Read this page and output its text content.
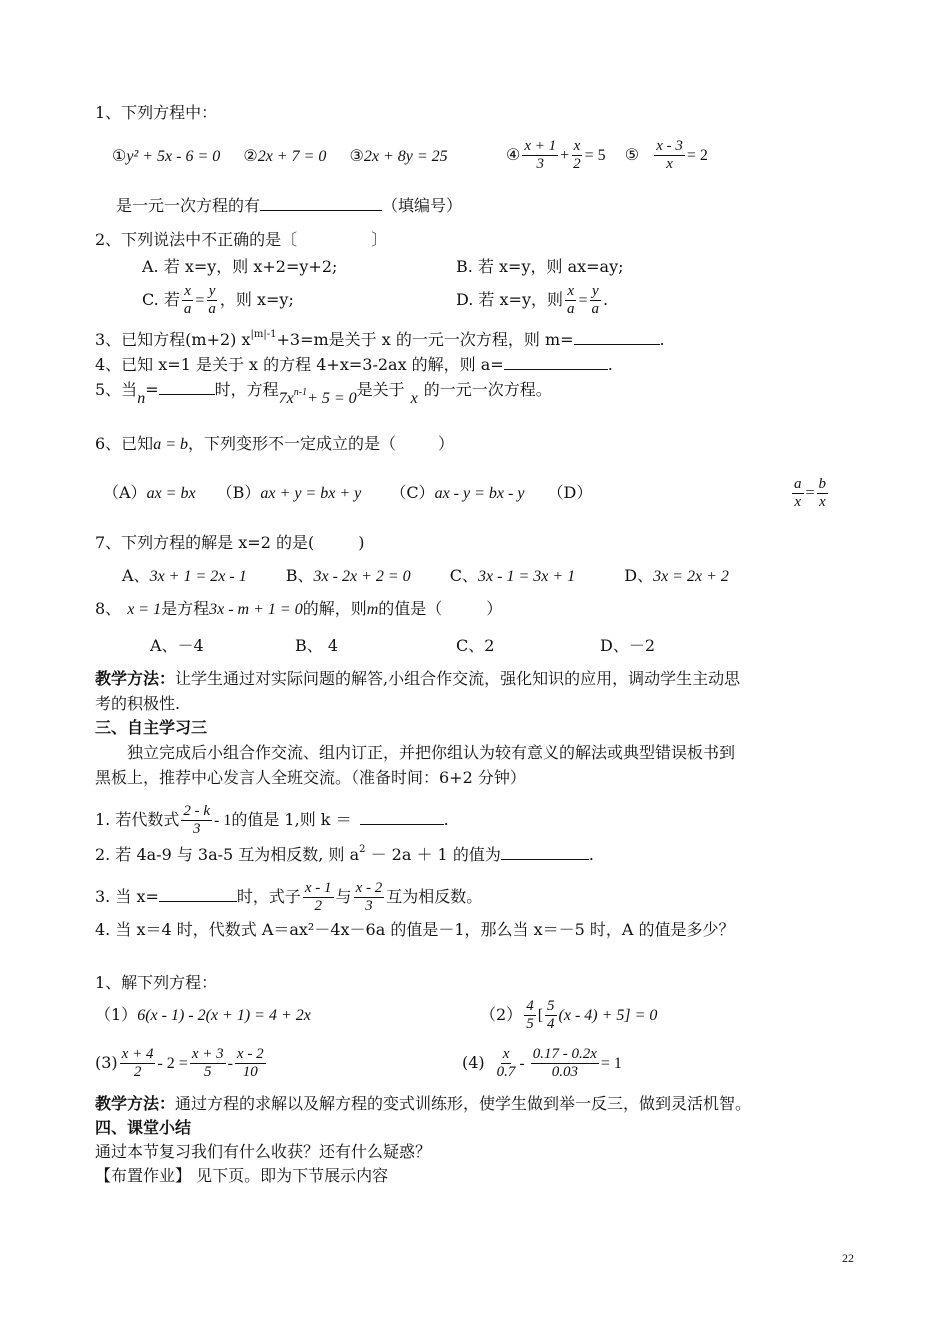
1、下列方程中：
①y² + 5x - 6 = 0 ②2x + 7 = 0 ③2x + 8y = 25	④ $\frac{x + 1}{3} + \frac{x}{2} = 5$ ⑤ $\frac{x - 3}{x} = 2$
是一元一次方程的有	（填编号）
2、下列说法中不正确的是〔	〕
A. 若 x=y，则 x+2=y+2;	B. 若 x=y，则 ax=ay;
C. 若 $\frac{x}{a} = \frac{y}{a}$ ，则 x=y;	D. 若 x=y，则 $\frac{x}{a} = \frac{y}{a}$ .
3、已知方程(m+2) $x^{|m|-1}+3=m$是关于 x 的一元一次方程，则 m=	.
4、已知 x=1 是关于 x 的方程 4+x=3-2ax 的解，则 a=	.
5、当n=	时，方程$7x^{n-1}+ 5 = 0$是关于 x 的一元一次方程。
6、已知a = b，下列变形不一定成立的是（	）
（A）ax = bx （B）ax + y = bx + y （C）ax - y = bx - y （D）	$\frac{a}{x} = \frac{b}{x}$
7、下列方程的解是 x=2 的是(	)
A、3x + 1 = 2x - 1 B、3x - 2x + 2 = 0 C、3x - 1 = 3x + 1	D、3x = 2x + 2
8、 x = 1是方程3x - m + 1 = 0的解，则m的值是（	）
A、－4	B、 4	C、2	D、－2
教学方法：让学生通过对实际问题的解答,小组合作交流，强化知识的应用，调动学生主动思
考的积极性.
三、自主学习三
独立完成后小组合作交流、组内订正，并把你组认为较有意义的解法或典型错误板书到
黑板上，推荐中心发言人全班交流。（准备时间：6+2 分钟）
1. 若代数式 $\frac{2 - k}{3} - 1$的值是 1,则 k ＝	.
2. 若 4a-9 与 3a-5 互为相反数, 则 $a^2 - 2a + 1$ 的值为	.
3. 当 x=	时，式子 $\frac{x - 1}{2}$ 与 $\frac{x - 2}{3}$ 互为相反数。
4. 当 x＝4 时，代数式 A＝ax²－4x－6a 的值是－1，那么当 x＝－5 时，A 的值是多少？
1、解下列方程：
（1）6(x - 1) - 2(x + 1) = 4 + 2x	$(2) \frac{4}{5}$ [ $\frac{5}{4} (x - 4) + 5] = 0$
$(3) \frac{x + 4}{2} - 2 = \frac{x + 3}{5} - \frac{x - 2}{10}$	$(4) \frac{x}{0.7} - \frac{0.17 - 0.2x}{0.03} = 1$
教学方法：通过方程的求解以及解方程的变式训练形，使学生做到举一反三，做到灵活机智。
四、课堂小结
通过本节复习我们有什么收获？还有什么疑惑？
【布置作业】 见下页。即为下节展示内容
22
